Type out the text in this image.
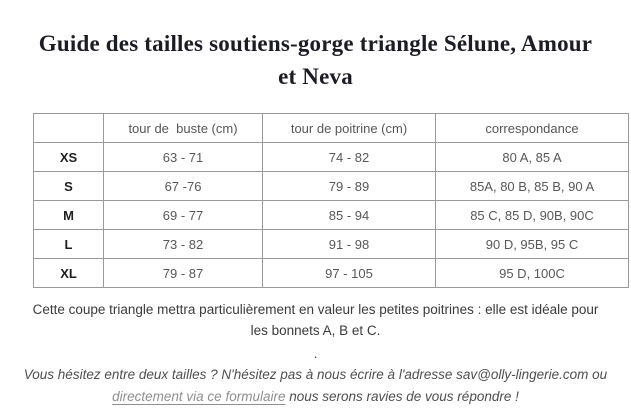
Guide des tailles soutiens-gorge triangle Sélune, Amour et Neva
	tour de  buste (cm)	tour de poitrine (cm)	correspondance
XS	63 - 71	74 - 82	80 A, 85 A
S	67 -76	79 - 89	85A, 80 B, 85 B, 90 A
M	69 - 77	85 - 94	85 C, 85 D, 90B, 90C
L	73 - 82	91 - 98	90 D, 95B, 95 C
XL	79 - 87	97 - 105	95 D, 100C

Cette coupe triangle mettra particulièrement en valeur les petites poitrines : elle est idéale pour les bonnets A, B et C.

.

Vous hésitez entre deux tailles ? N'hésitez pas à nous écrire à l'adresse sav@olly-lingerie.com ou directement via ce formulaire nous serons ravies de vous répondre !
